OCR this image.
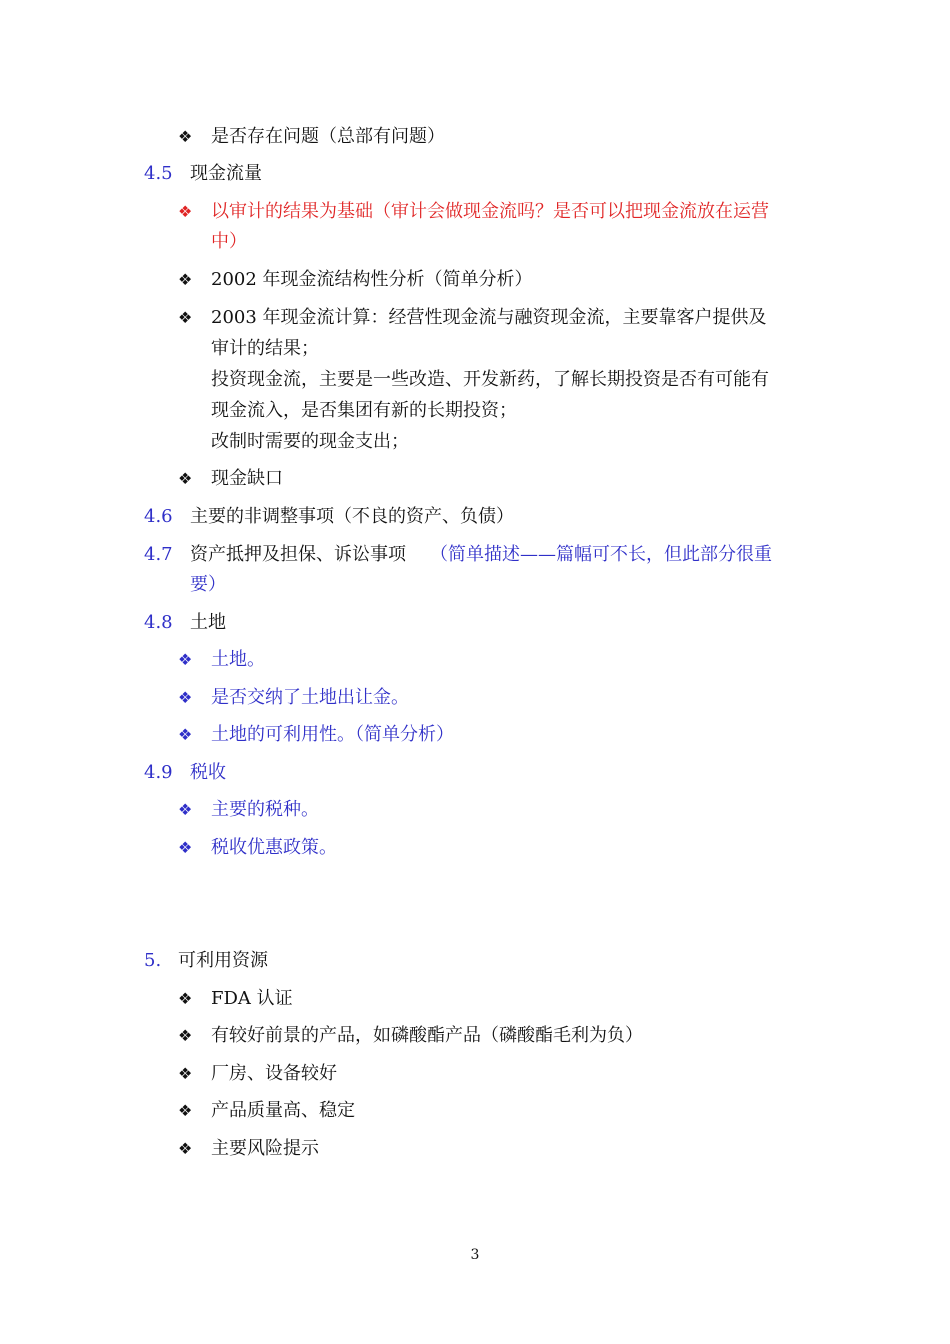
❖ 是否存在问题（总部有问题）
4.5 现金流量
❖ 以审计的结果为基础（审计会做现金流吗？是否可以把现金流放在运营
中）
❖ 2002 年现金流结构性分析（简单分析）
❖ 2003 年现金流计算：经营性现金流与融资现金流，主要靠客户提供及
审计的结果；
投资现金流，主要是一些改造、开发新药，了解长期投资是否有可能有
现金流入，是否集团有新的长期投资；
改制时需要的现金支出；
❖ 现金缺口
4.6 主要的非调整事项（不良的资产、负债）
4.7 资产抵押及担保、诉讼事项 （简单描述——篇幅可不长，但此部分很重
要）
4.8 土地
❖ 土地。
❖ 是否交纳了土地出让金。
❖ 土地的可利用性。（简单分析）
4.9 税收
❖ 主要的税种。
❖ 税收优惠政策。
5. 可利用资源
❖ FDA 认证
❖ 有较好前景的产品，如磷酸酯产品（磷酸酯毛利为负）
❖ 厂房、设备较好
❖ 产品质量高、稳定
❖ 主要风险提示
3
